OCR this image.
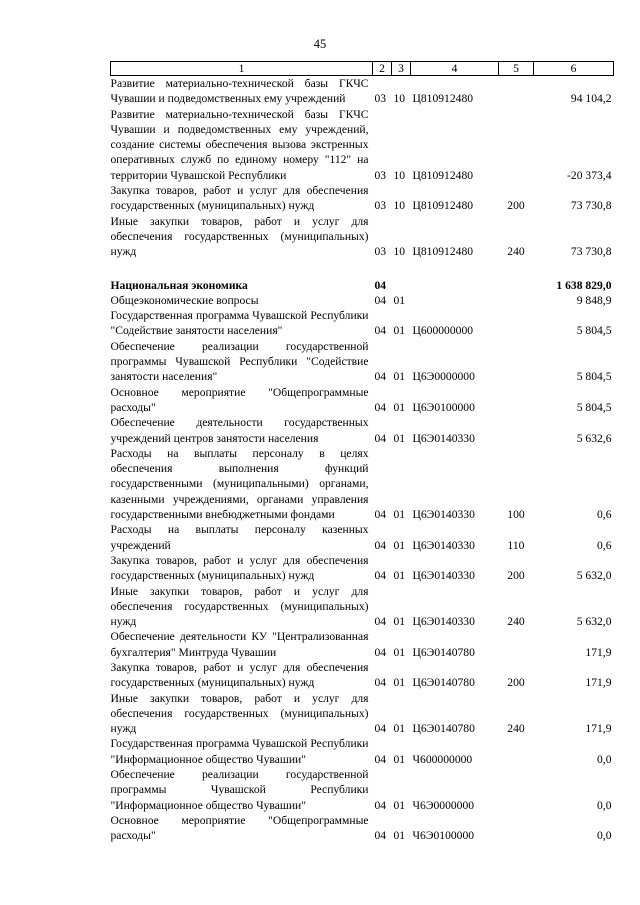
45
1	2	3	4	5	6
Развитие материально-технической базы ГКЧС Чувашии и подведомственных ему учреждений	03	10	Ц810912480		94 104,2
Развитие материально-технической базы ГКЧС Чувашии и подведомственных ему учреждений, создание системы обеспечения вызова экстренных оперативных служб по единому номеру "112" на территории Чувашской Республики	03	10	Ц810912480		-20 373,4
Закупка товаров, работ и услуг для обеспечения государственных (муниципальных) нужд	03	10	Ц810912480	200	73 730,8
Иные закупки товаров, работ и услуг для обеспечения государственных (муниципальных) нужд	03	10	Ц810912480	240	73 730,8

Национальная экономика	04				1 638 829,0
Общеэкономические вопросы	04	01			9 848,9
Государственная программа Чувашской Республики "Содействие занятости населения"	04	01	Ц600000000		5 804,5
Обеспечение реализации государственной программы Чувашской Республики "Содействие занятости населения"	04	01	Ц6Э0000000		5 804,5
Основное мероприятие "Общепрограммные расходы"	04	01	Ц6Э0100000		5 804,5
Обеспечение деятельности государственных учреждений центров занятости населения	04	01	Ц6Э0140330		5 632,6
Расходы на выплаты персоналу в целях обеспечения выполнения функций государственными (муниципальными) органами, казенными учреждениями, органами управления государственными внебюджетными фондами	04	01	Ц6Э0140330	100	0,6
Расходы на выплаты персоналу казенных учреждений	04	01	Ц6Э0140330	110	0,6
Закупка товаров, работ и услуг для обеспечения государственных (муниципальных) нужд	04	01	Ц6Э0140330	200	5 632,0
Иные закупки товаров, работ и услуг для обеспечения государственных (муниципальных) нужд	04	01	Ц6Э0140330	240	5 632,0
Обеспечение деятельности КУ "Централизованная бухгалтерия" Минтруда Чувашии	04	01	Ц6Э0140780		171,9
Закупка товаров, работ и услуг для обеспечения государственных (муниципальных) нужд	04	01	Ц6Э0140780	200	171,9
Иные закупки товаров, работ и услуг для обеспечения государственных (муниципальных) нужд	04	01	Ц6Э0140780	240	171,9
Государственная программа Чувашской Республики "Информационное общество Чувашии"	04	01	Ч600000000		0,0
Обеспечение реализации государственной программы Чувашской Республики "Информационное общество Чувашии"	04	01	Ч6Э0000000		0,0
Основное мероприятие "Общепрограммные расходы"	04	01	Ч6Э0100000		0,0
